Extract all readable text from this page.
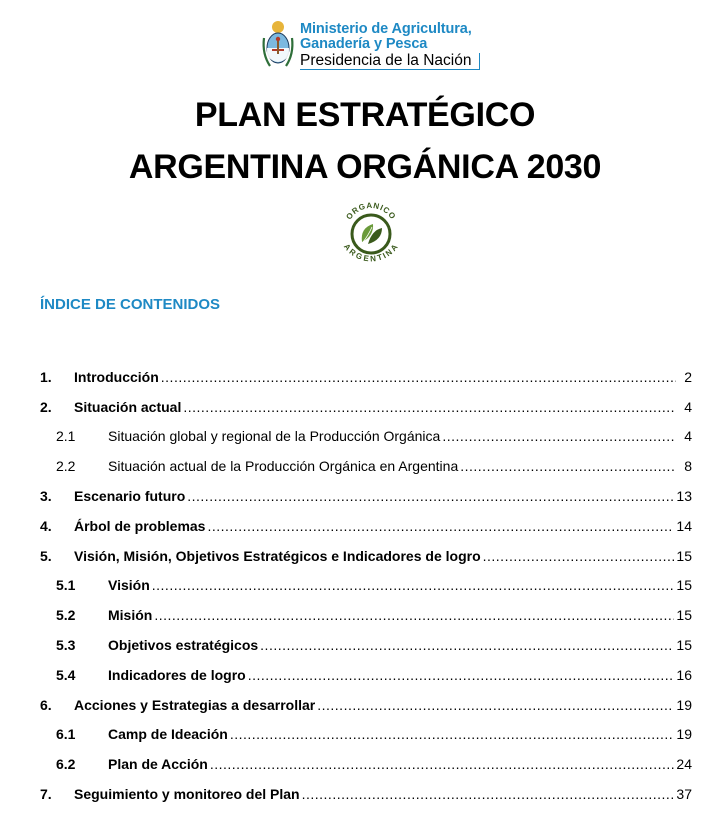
Ministerio de Agricultura,
Ganadería y Pesca
Presidencia de la Nación
PLAN ESTRATÉGICO
ARGENTINA ORGÁNICA 2030
ORGANICO
ARGENTINA
ÍNDICE DE CONTENIDOS
1.	Introducción .....	2
2.	Situación actual .....	4
2.1	Situación global y regional de la Producción Orgánica .....	4
2.2	Situación actual de la Producción Orgánica en Argentina .....	8
3.	Escenario futuro .....	13
4.	Árbol de problemas .....	14
5.	Visión, Misión, Objetivos Estratégicos e Indicadores de logro .....	15
5.1	Visión .....	15
5.2	Misión .....	15
5.3	Objetivos estratégicos .....	15
5.4	Indicadores de logro .....	16
6.	Acciones y Estrategias a desarrollar .....	19
6.1	Camp de Ideación .....	19
6.2	Plan de Acción .....	24
7.	Seguimiento y monitoreo del Plan .....	37
